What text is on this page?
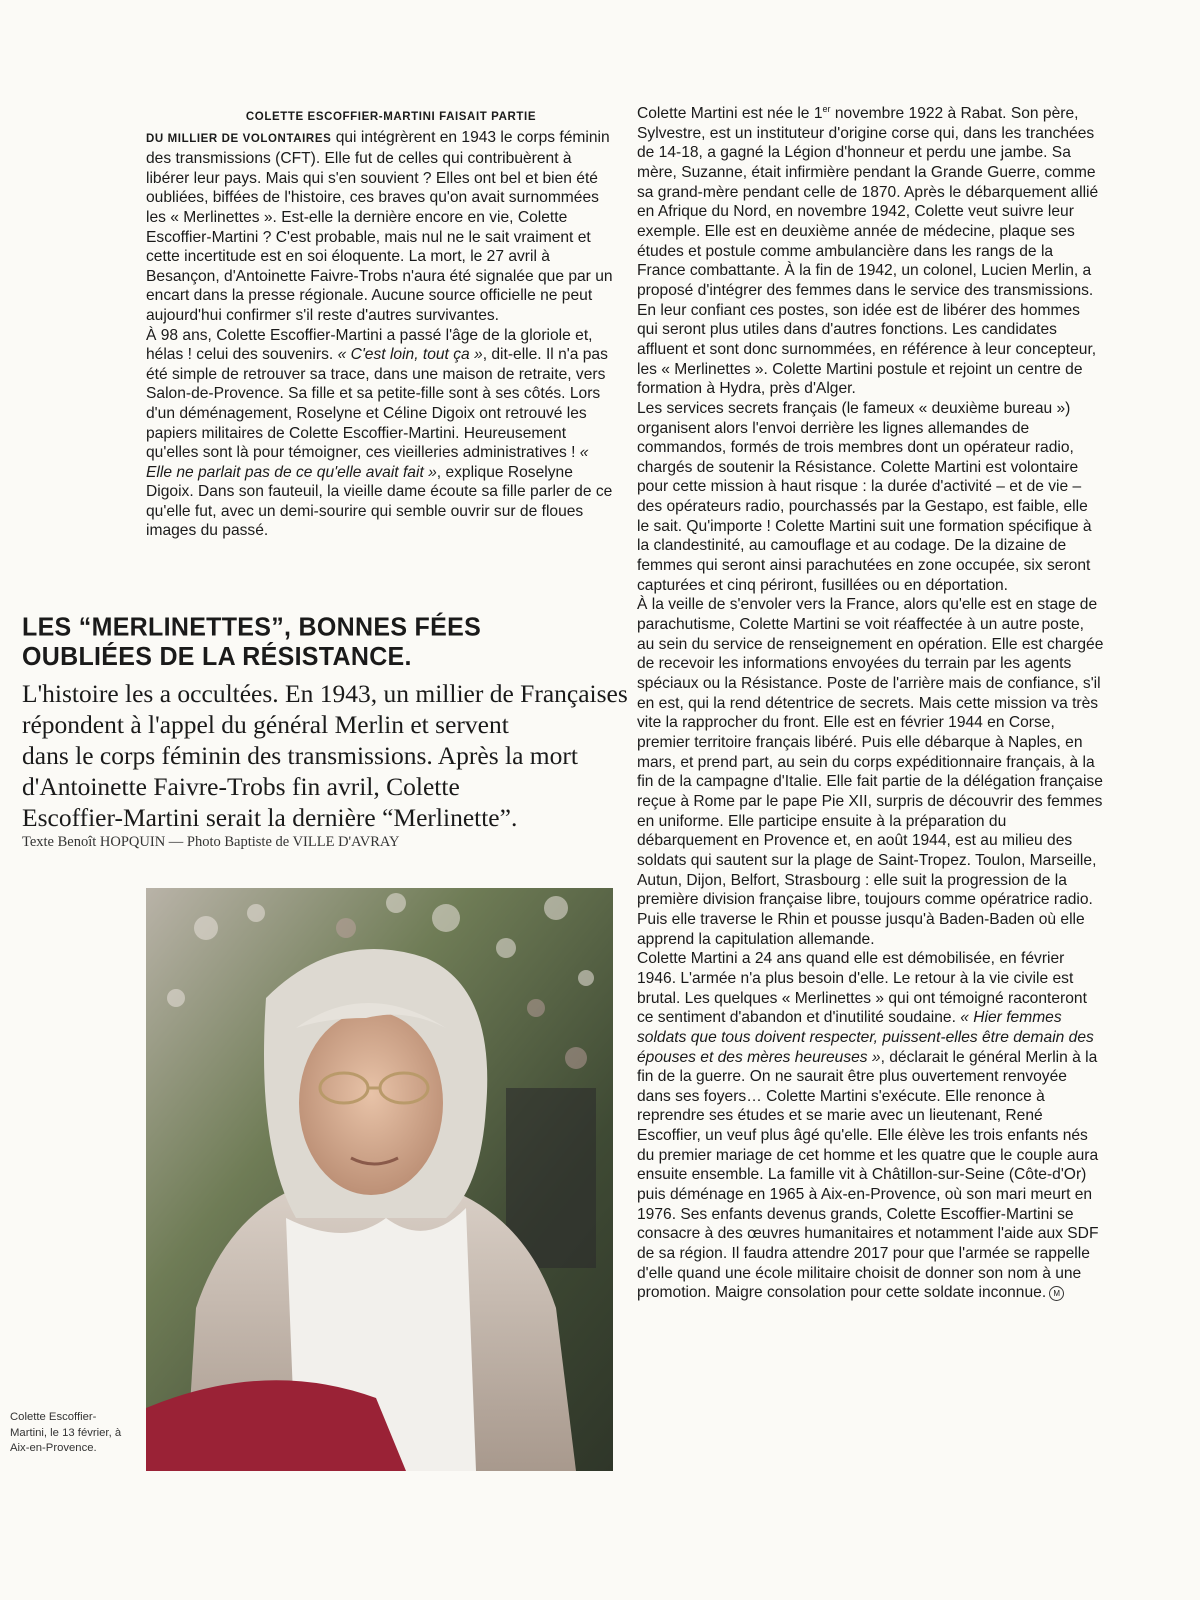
COLETTE ESCOFFIER-MARTINI FAISAIT PARTIE
DU MILLIER DE VOLONTAIRES qui intégrèrent en 1943 le corps féminin des transmissions (CFT). Elle fut de celles qui contribuèrent à libérer leur pays. Mais qui s'en souvient ? Elles ont bel et bien été oubliées, biffées de l'histoire, ces braves qu'on avait surnommées les « Merlinettes ». Est-elle la dernière encore en vie, Colette Escoffier-Martini ? C'est probable, mais nul ne le sait vraiment et cette incertitude est en soi éloquente. La mort, le 27 avril à Besançon, d'Antoinette Faivre-Trobs n'aura été signalée que par un encart dans la presse régionale. Aucune source officielle ne peut aujourd'hui confirmer s'il reste d'autres survivantes.

À 98 ans, Colette Escoffier-Martini a passé l'âge de la gloriole et, hélas ! celui des souvenirs. « C'est loin, tout ça », dit-elle. Il n'a pas été simple de retrouver sa trace, dans une maison de retraite, vers Salon-de-Provence. Sa fille et sa petite-fille sont à ses côtés. Lors d'un déménagement, Roselyne et Céline Digoix ont retrouvé les papiers militaires de Colette Escoffier-Martini. Heureusement qu'elles sont là pour témoigner, ces vieilleries administratives ! « Elle ne parlait pas de ce qu'elle avait fait », explique Roselyne Digoix. Dans son fauteuil, la vieille dame écoute sa fille parler de ce qu'elle fut, avec un demi-sourire qui semble ouvrir sur de floues images du passé.

LES “MERLINETTES”, BONNES FÉES
OUBLIÉES DE LA RÉSISTANCE.
L'histoire les a occultées. En 1943, un millier de Françaises
répondent à l'appel du général Merlin et servent
dans le corps féminin des transmissions. Après la mort
d'Antoinette Faivre-Trobs fin avril, Colette
Escoffier-Martini serait la dernière “Merlinette”.
Texte Benoît HOPQUIN — Photo Baptiste de VILLE D'AVRAY
Colette Escoffier-Martini, le 13 février, à Aix-en-Provence.

Colette Martini est née le 1er novembre 1922 à Rabat. Son père, Sylvestre, est un instituteur d'origine corse qui, dans les tranchées de 14-18, a gagné la Légion d'honneur et perdu une jambe. Sa mère, Suzanne, était infirmière pendant la Grande Guerre, comme sa grand-mère pendant celle de 1870. Après le débarquement allié en Afrique du Nord, en novembre 1942, Colette veut suivre leur exemple. Elle est en deuxième année de médecine, plaque ses études et postule comme ambulancière dans les rangs de la France combattante. À la fin de 1942, un colonel, Lucien Merlin, a proposé d'intégrer des femmes dans le service des transmissions. En leur confiant ces postes, son idée est de libérer des hommes qui seront plus utiles dans d'autres fonctions. Les candidates affluent et sont donc surnommées, en référence à leur concepteur, les « Merlinettes ». Colette Martini postule et rejoint un centre de formation à Hydra, près d'Alger.

Les services secrets français (le fameux « deuxième bureau ») organisent alors l'envoi derrière les lignes allemandes de commandos, formés de trois membres dont un opérateur radio, chargés de soutenir la Résistance. Colette Martini est volontaire pour cette mission à haut risque : la durée d'activité – et de vie – des opérateurs radio, pourchassés par la Gestapo, est faible, elle le sait. Qu'importe ! Colette Martini suit une formation spécifique à la clandestinité, au camouflage et au codage. De la dizaine de femmes qui seront ainsi parachutées en zone occupée, six seront capturées et cinq périront, fusillées ou en déportation.

À la veille de s'envoler vers la France, alors qu'elle est en stage de parachutisme, Colette Martini se voit réaffectée à un autre poste, au sein du service de renseignement en opération. Elle est chargée de recevoir les informations envoyées du terrain par les agents spéciaux ou la Résistance. Poste de l'arrière mais de confiance, s'il en est, qui la rend détentrice de secrets. Mais cette mission va très vite la rapprocher du front. Elle est en février 1944 en Corse, premier territoire français libéré. Puis elle débarque à Naples, en mars, et prend part, au sein du corps expéditionnaire français, à la fin de la campagne d'Italie. Elle fait partie de la délégation française reçue à Rome par le pape Pie XII, surpris de découvrir des femmes en uniforme. Elle participe ensuite à la préparation du débarquement en Provence et, en août 1944, est au milieu des soldats qui sautent sur la plage de Saint-Tropez. Toulon, Marseille, Autun, Dijon, Belfort, Strasbourg : elle suit la progression de la première division française libre, toujours comme opératrice radio. Puis elle traverse le Rhin et pousse jusqu'à Baden-Baden où elle apprend la capitulation allemande.

Colette Martini a 24 ans quand elle est démobilisée, en février 1946. L'armée n'a plus besoin d'elle. Le retour à la vie civile est brutal. Les quelques « Merlinettes » qui ont témoigné raconteront ce sentiment d'abandon et d'inutilité soudaine. « Hier femmes soldats que tous doivent respecter, puissent-elles être demain des épouses et des mères heureuses », déclarait le général Merlin à la fin de la guerre. On ne saurait être plus ouvertement renvoyée dans ses foyers… Colette Martini s'exécute. Elle renonce à reprendre ses études et se marie avec un lieutenant, René Escoffier, un veuf plus âgé qu'elle. Elle élève les trois enfants nés du premier mariage de cet homme et les quatre que le couple aura ensuite ensemble. La famille vit à Châtillon-sur-Seine (Côte-d'Or) puis déménage en 1965 à Aix-en-Provence, où son mari meurt en 1976. Ses enfants devenus grands, Colette Escoffier-Martini se consacre à des œuvres humanitaires et notamment l'aide aux SDF de sa région. Il faudra attendre 2017 pour que l'armée se rappelle d'elle quand une école militaire choisit de donner son nom à une promotion. Maigre consolation pour cette soldate inconnue. M
